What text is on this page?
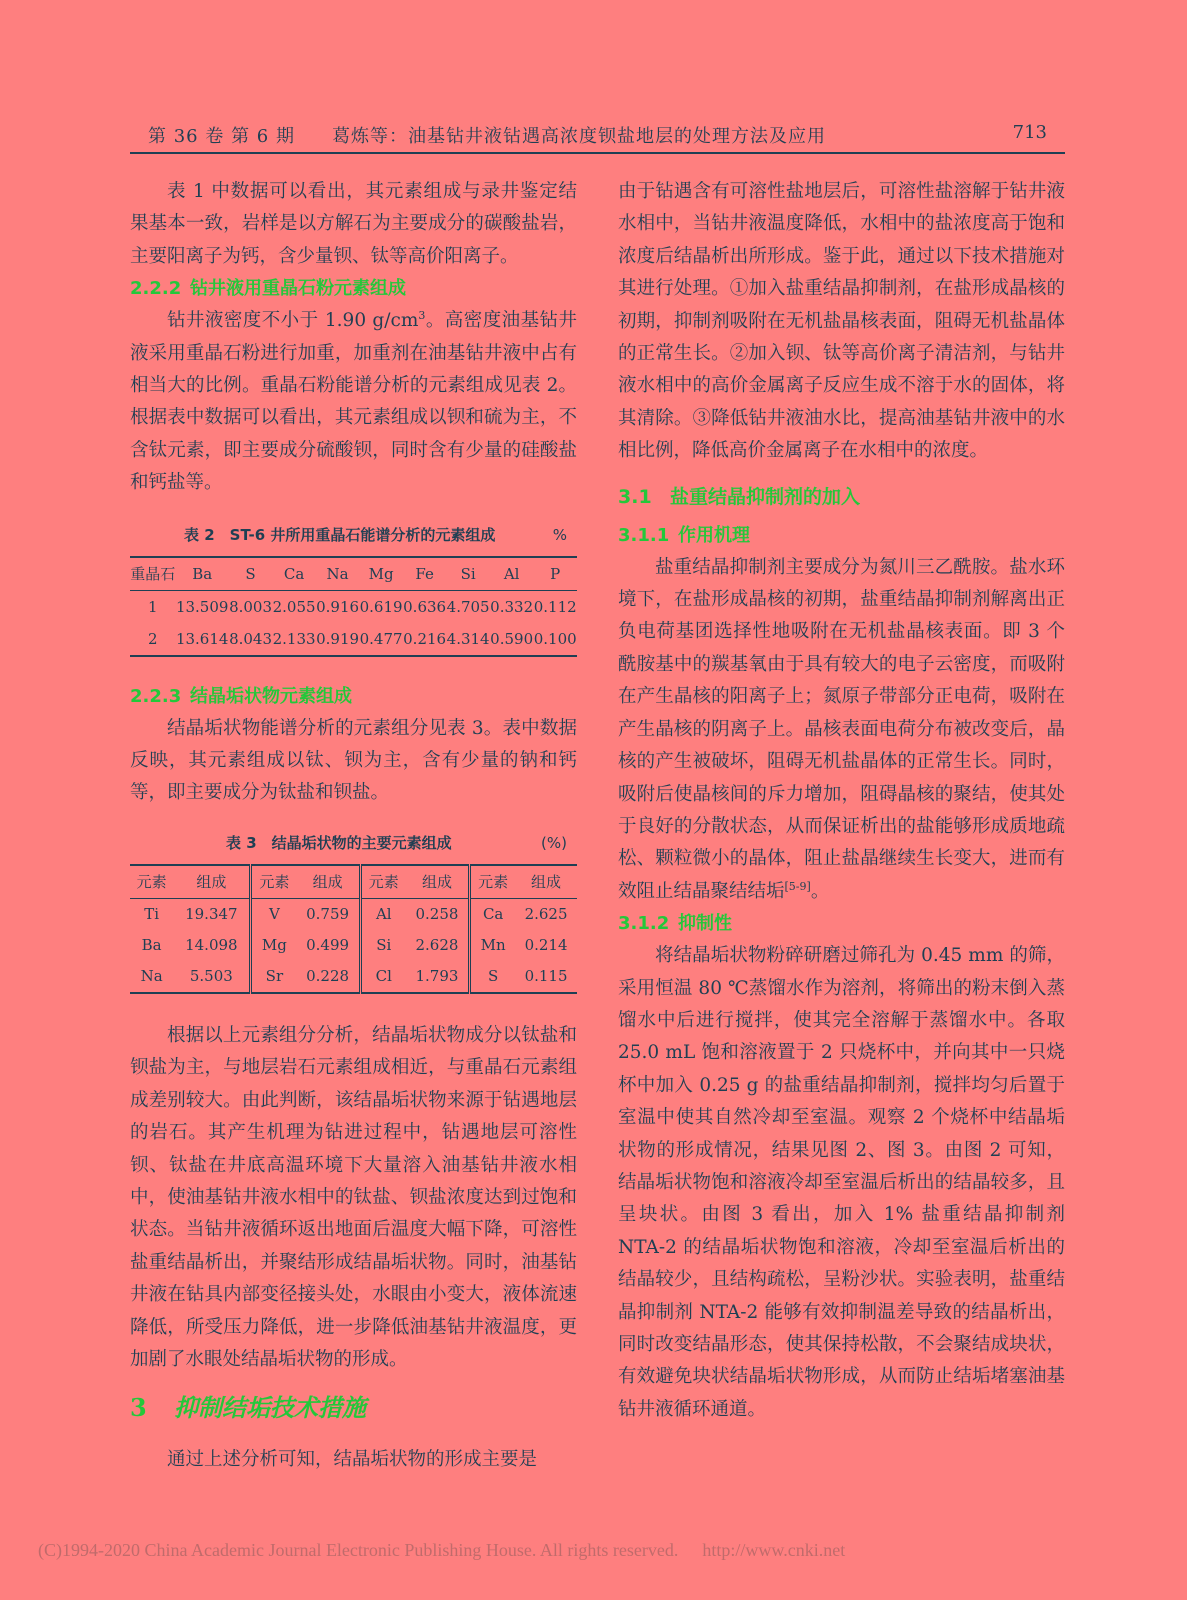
第 36 卷 第 6 期 葛炼等：油基钻井液钻遇高浓度钡盐地层的处理方法及应用	713

表 1 中数据可以看出，其元素组成与录井鉴定结果基本一致，岩样是以方解石为主要成分的碳酸盐岩，主要阳离子为钙，含少量钡、钛等高价阳离子。

2.2.2 钻井液用重晶石粉元素组成

钻井液密度不小于 1.90 $g/cm^3$。高密度油基钻井液采用重晶石粉进行加重，加重剂在油基钻井液中占有相当大的比例。重晶石粉能谱分析的元素组成见表 2。根据表中数据可以看出，其元素组成以钡和硫为主，不含钛元素，即主要成分硫酸钡，同时含有少量的硅酸盐和钙盐等。

表 2　ST-6 井所用重晶石能谱分析的元素组成	%
重晶石	Ba	S	Ca	Na	Mg	Fe	Si	Al	P
1	13.509	8.003	2.055	0.916	0.619	0.636	4.705	0.332	0.112
2	13.614	8.043	2.133	0.919	0.477	0.216	4.314	0.590	0.100
2.2.3 结晶垢状物元素组成

结晶垢状物能谱分析的元素组分见表 3。表中数据反映，其元素组成以钛、钡为主，含有少量的钠和钙等，即主要成分为钛盐和钡盐。

表 3　结晶垢状物的主要元素组成	(%)
元素	组成	元素	组成	元素	组成	元素	组成
Ti	19.347	V	0.759	Al	0.258	Ca	2.625
Ba	14.098	Mg	0.499	Si	2.628	Mn	0.214
Na	5.503	Sr	0.228	Cl	1.793	S	0.115

根据以上元素组分分析，结晶垢状物成分以钛盐和钡盐为主，与地层岩石元素组成相近，与重晶石元素组成差别较大。由此判断，该结晶垢状物来源于钻遇地层的岩石。其产生机理为钻进过程中，钻遇地层可溶性钡、钛盐在井底高温环境下大量溶入油基钻井液水相中，使油基钻井液水相中的钛盐、钡盐浓度达到过饱和状态。当钻井液循环返出地面后温度大幅下降，可溶性盐重结晶析出，并聚结形成结晶垢状物。同时，油基钻井液在钻具内部变径接头处，水眼由小变大，液体流速降低，所受压力降低，进一步降低油基钻井液温度，更加剧了水眼处结晶垢状物的形成。

3 抑制结垢技术措施

通过上述分析可知，结晶垢状物的形成主要是

由于钻遇含有可溶性盐地层后，可溶性盐溶解于钻井液水相中，当钻井液温度降低，水相中的盐浓度高于饱和浓度后结晶析出所形成。鉴于此，通过以下技术措施对其进行处理。①加入盐重结晶抑制剂，在盐形成晶核的初期，抑制剂吸附在无机盐晶核表面，阻碍无机盐晶体的正常生长。②加入钡、钛等高价离子清洁剂，与钻井液水相中的高价金属离子反应生成不溶于水的固体，将其清除。③降低钻井液油水比，提高油基钻井液中的水相比例，降低高价金属离子在水相中的浓度。

3.1 盐重结晶抑制剂的加入
3.1.1 作用机理

盐重结晶抑制剂主要成分为氮川三乙酰胺。盐水环境下，在盐形成晶核的初期，盐重结晶抑制剂解离出正负电荷基团选择性地吸附在无机盐晶核表面。即 3 个酰胺基中的羰基氧由于具有较大的电子云密度，而吸附在产生晶核的阳离子上；氮原子带部分正电荷，吸附在产生晶核的阴离子上。晶核表面电荷分布被改变后，晶核的产生被破坏，阻碍无机盐晶体的正常生长。同时，吸附后使晶核间的斥力增加，阻碍晶核的聚结，使其处于良好的分散状态，从而保证析出的盐能够形成质地疏松、颗粒微小的晶体，阻止盐晶继续生长变大，进而有效阻止结晶聚结结垢[5-9]。

3.1.2 抑制性

将结晶垢状物粉碎研磨过筛孔为 0.45 mm 的筛，采用恒温 80 ℃蒸馏水作为溶剂，将筛出的粉末倒入蒸馏水中后进行搅拌，使其完全溶解于蒸馏水中。各取 25.0 mL 饱和溶液置于 2 只烧杯中，并向其中一只烧杯中加入 0.25 g 的盐重结晶抑制剂，搅拌均匀后置于室温中使其自然冷却至室温。观察 2 个烧杯中结晶垢状物的形成情况，结果见图 2、图 3。由图 2 可知，结晶垢状物饱和溶液冷却至室温后析出的结晶较多，且呈块状。由图 3 看出，加入 1% 盐重结晶抑制剂 NTA-2 的结晶垢状物饱和溶液，冷却至室温后析出的结晶较少，且结构疏松，呈粉沙状。实验表明，盐重结晶抑制剂 NTA-2 能够有效抑制温差导致的结晶析出，同时改变结晶形态，使其保持松散，不会聚结成块状，有效避免块状结晶垢状物形成，从而防止结垢堵塞油基钻井液循环通道。

(C)1994-2020 China Academic Journal Electronic Publishing House. All rights reserved. http://www.cnki.net
